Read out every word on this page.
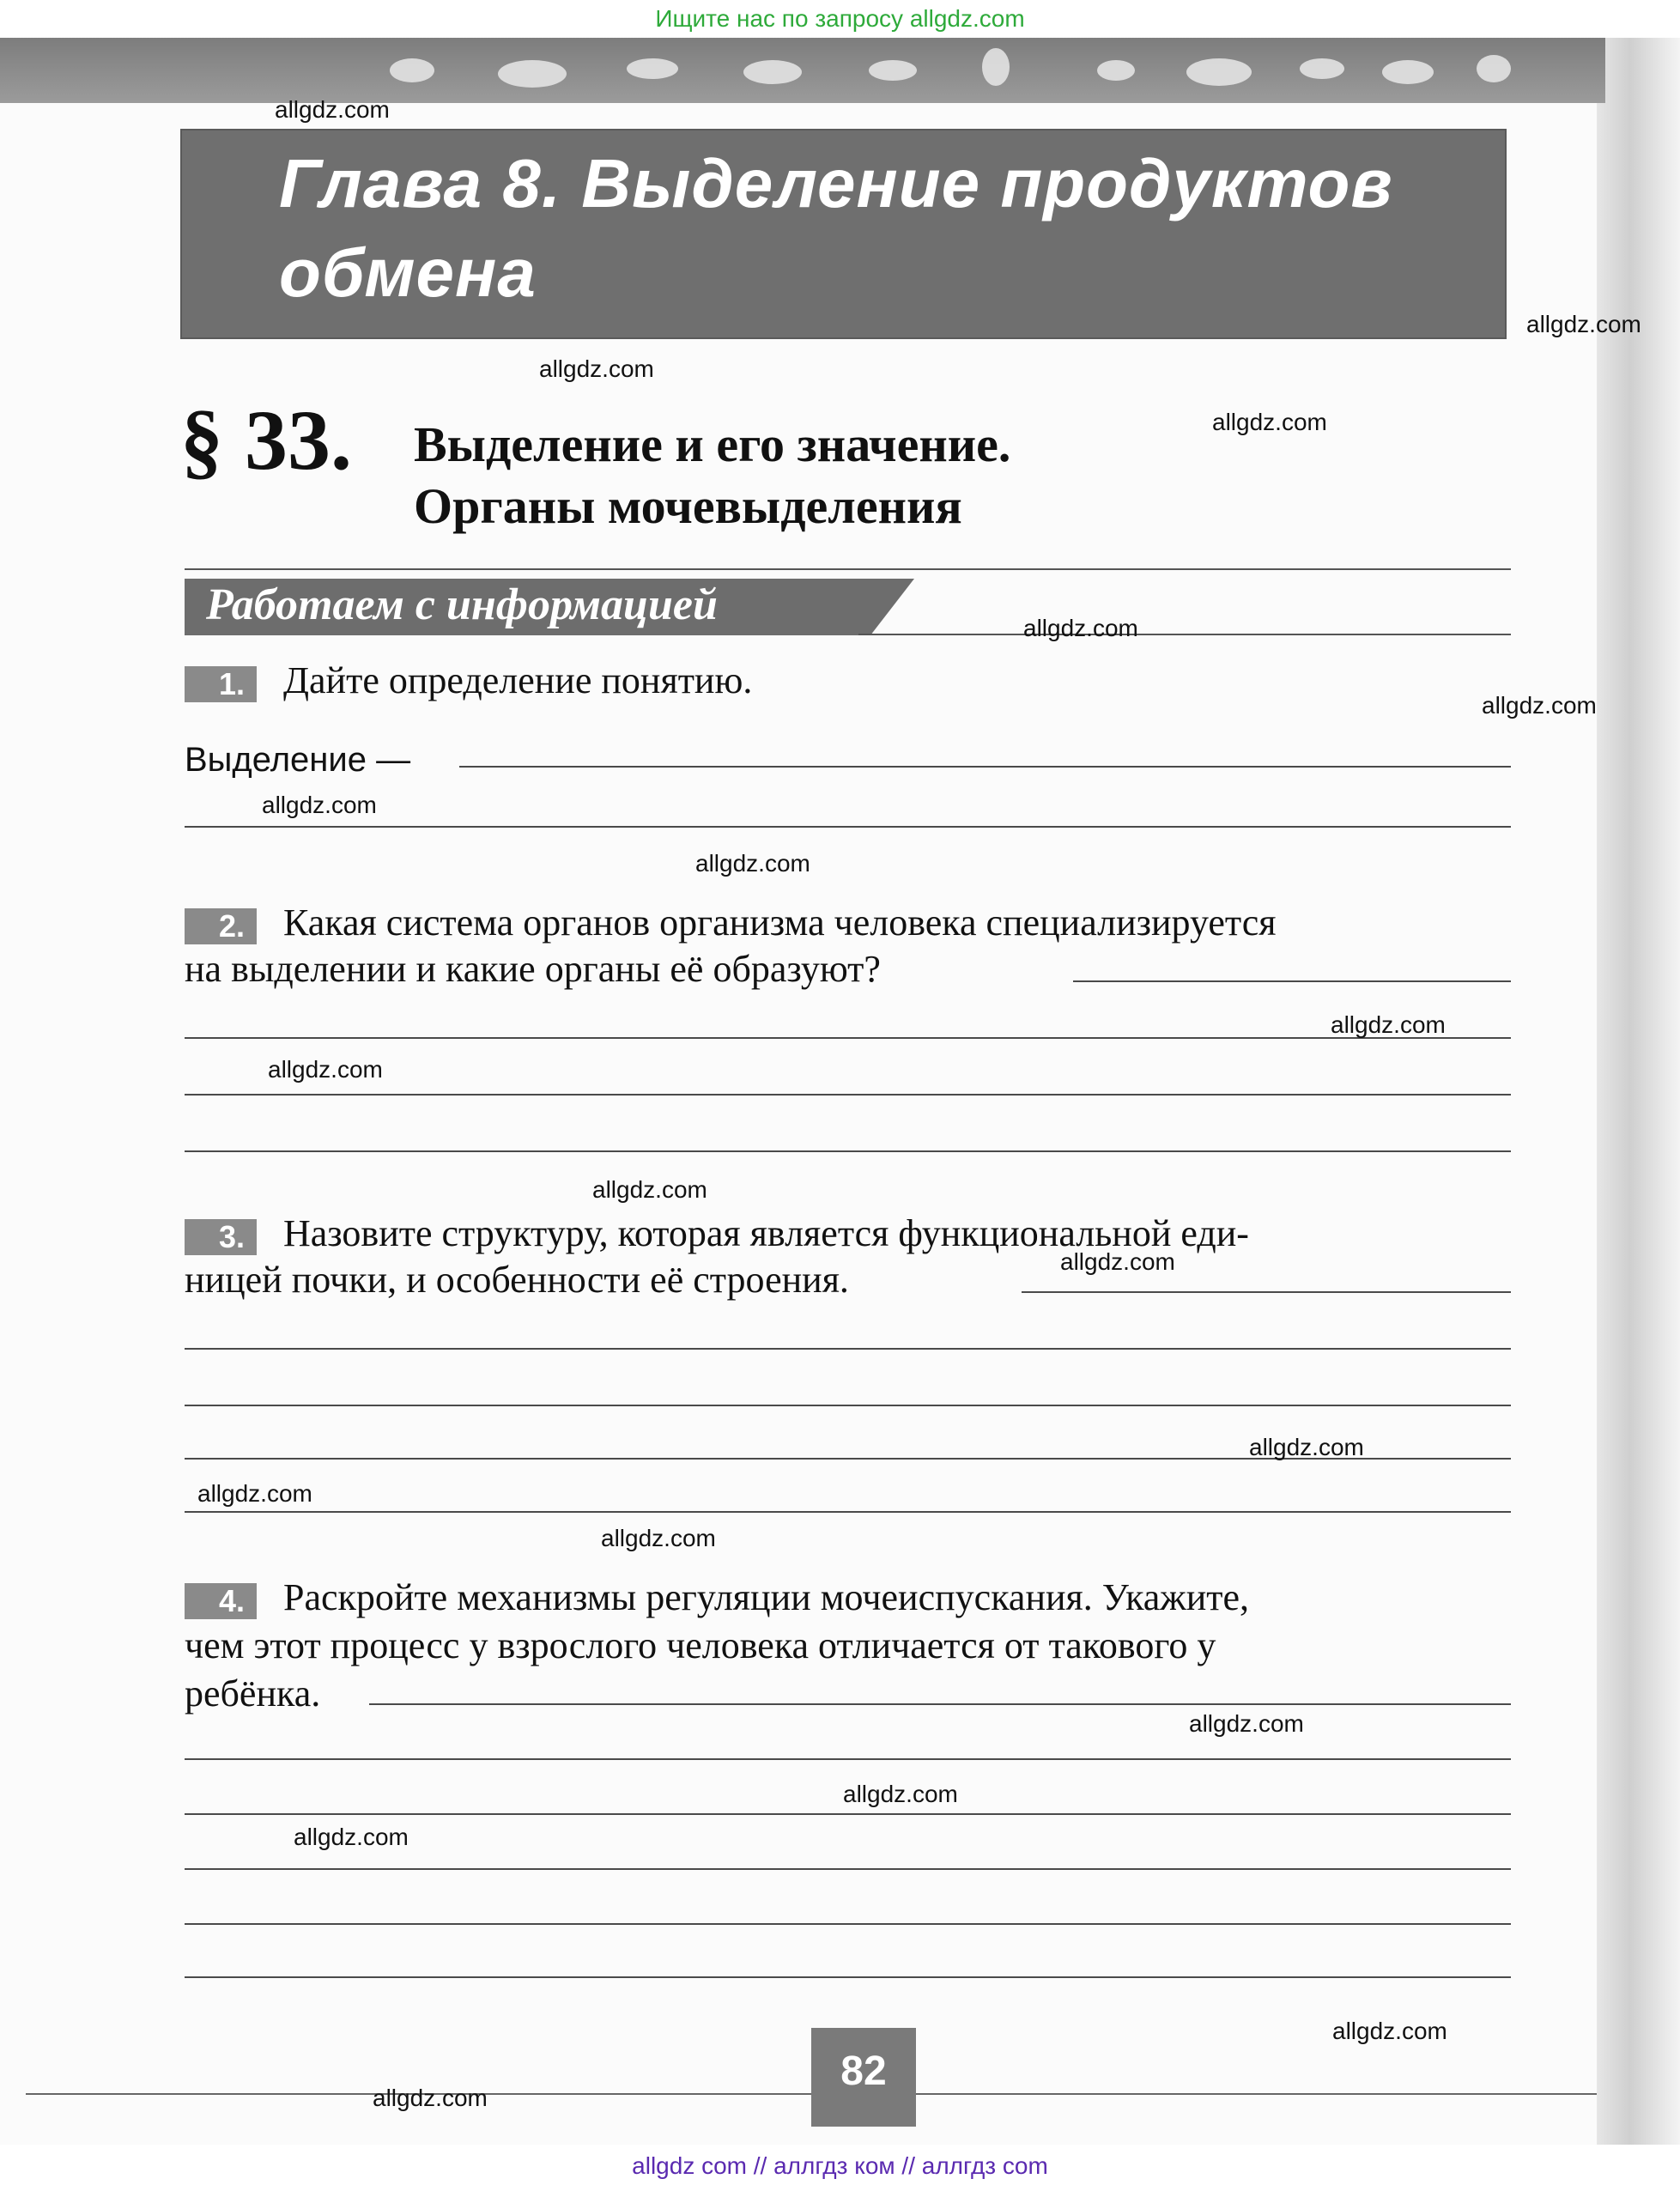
Ищите нас по запросу allgdz.com
Глава 8. Выделение продуктов
обмена
§ 33. Выделение и его значение.
Органы мочевыделения
Работаем с информацией
1.	Дайте определение понятию.
Выделение —
2.	Какая система органов организма человека специализируется
на выделении и какие органы её образуют?
3.	Назовите структуру, которая является функциональной еди-
ницей почки, и особенности её строения.
4.	Раскройте механизмы регуляции мочеиспускания. Укажите,
чем этот процесс у взрослого человека отличается от такового у
ребёнка.
82
allgdz.com
allgdz.com
allgdz.com
allgdz.com
allgdz.com
allgdz.com
allgdz.com
allgdz.com
allgdz.com
allgdz.com
allgdz.com
allgdz.com
allgdz.com
allgdz.com
allgdz.com
allgdz.com
allgdz.com
allgdz.com
allgdz.com
allgdz.com
allgdz com // аллгдз ком // аллгдз com
